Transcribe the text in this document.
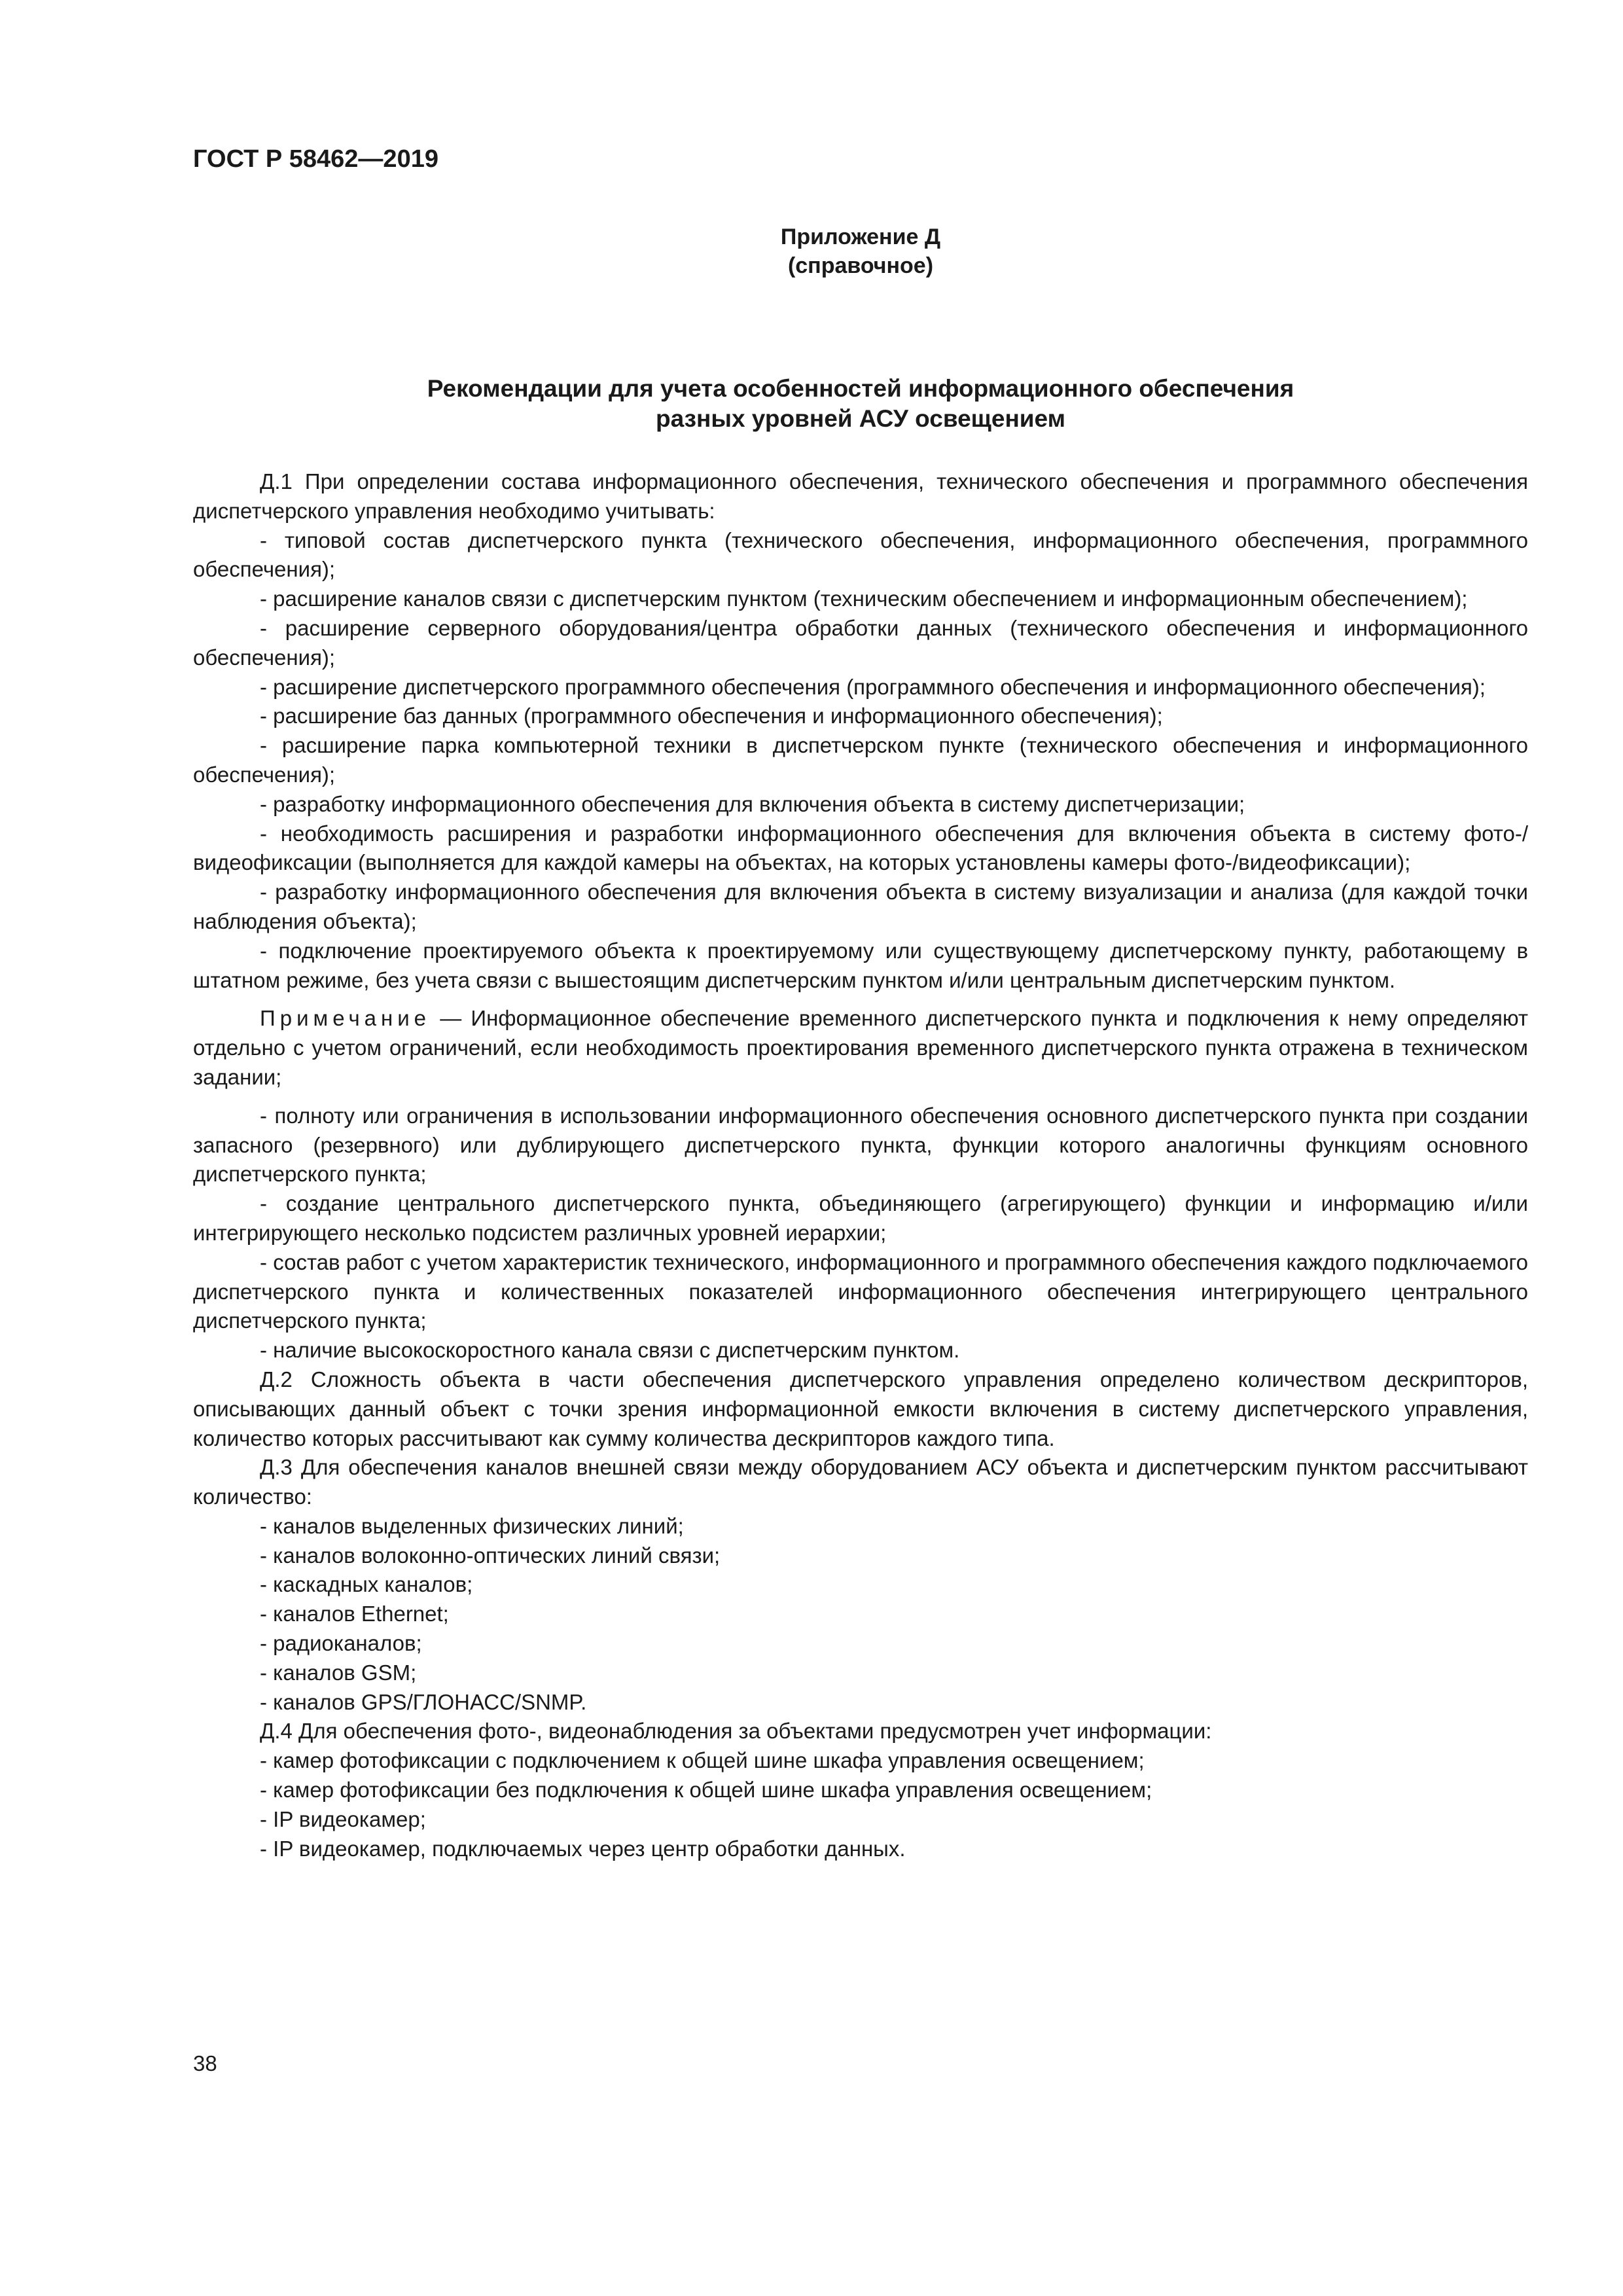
ГОСТ Р 58462—2019
Приложение Д
(справочное)
Рекомендации для учета особенностей информационного обеспечения
разных уровней АСУ освещением

Д.1 При определении состава информационного обеспечения, технического обеспечения и программного обеспечения диспетчерского управления необходимо учитывать:

- типовой состав диспетчерского пункта (технического обеспечения, информационного обеспечения, программного обеспечения);

- расширение каналов связи с диспетчерским пунктом (техническим обеспечением и информационным обеспечением);

- расширение серверного оборудования/центра обработки данных (технического обеспечения и информационного обеспечения);

- расширение диспетчерского программного обеспечения (программного обеспечения и информационного обеспечения);

- расширение баз данных (программного обеспечения и информационного обеспечения);

- расширение парка компьютерной техники в диспетчерском пункте (технического обеспечения и информационного обеспечения);

- разработку информационного обеспечения для включения объекта в систему диспетчеризации;

- необходимость расширения и разработки информационного обеспечения для включения объекта в систему фото-/видеофиксации (выполняется для каждой камеры на объектах, на которых установлены камеры фото-/видеофиксации);

- разработку информационного обеспечения для включения объекта в систему визуализации и анализа (для каждой точки наблюдения объекта);

- подключение проектируемого объекта к проектируемому или существующему диспетчерскому пункту, работающему в штатном режиме, без учета связи с вышестоящим диспетчерским пунктом и/или центральным диспетчерским пунктом.

Примечание — Информационное обеспечение временного диспетчерского пункта и подключения к нему определяют отдельно с учетом ограничений, если необходимость проектирования временного диспетчерского пункта отражена в техническом задании;

- полноту или ограничения в использовании информационного обеспечения основного диспетчерского пункта при создании запасного (резервного) или дублирующего диспетчерского пункта, функции которого аналогичны функциям основного диспетчерского пункта;

- создание центрального диспетчерского пункта, объединяющего (агрегирующего) функции и информацию и/или интегрирующего несколько подсистем различных уровней иерархии;

- состав работ с учетом характеристик технического, информационного и программного обеспечения каждого подключаемого диспетчерского пункта и количественных показателей информационного обеспечения интегрирующего центрального диспетчерского пункта;

- наличие высокоскоростного канала связи с диспетчерским пунктом.

Д.2 Сложность объекта в части обеспечения диспетчерского управления определено количеством дескрипторов, описывающих данный объект с точки зрения информационной емкости включения в систему диспетчерского управления, количество которых рассчитывают как сумму количества дескрипторов каждого типа.

Д.3 Для обеспечения каналов внешней связи между оборудованием АСУ объекта и диспетчерским пунктом рассчитывают количество:

- каналов выделенных физических линий;

- каналов волоконно-оптических линий связи;

- каскадных каналов;

- каналов Ethernet;

- радиоканалов;

- каналов GSM;

- каналов GPS/ГЛОНАСС/SNMP.

Д.4 Для обеспечения фото-, видеонаблюдения за объектами предусмотрен учет информации:

- камер фотофиксации с подключением к общей шине шкафа управления освещением;

- камер фотофиксации без подключения к общей шине шкафа управления освещением;

- IP видеокамер;

- IP видеокамер, подключаемых через центр обработки данных.

38
